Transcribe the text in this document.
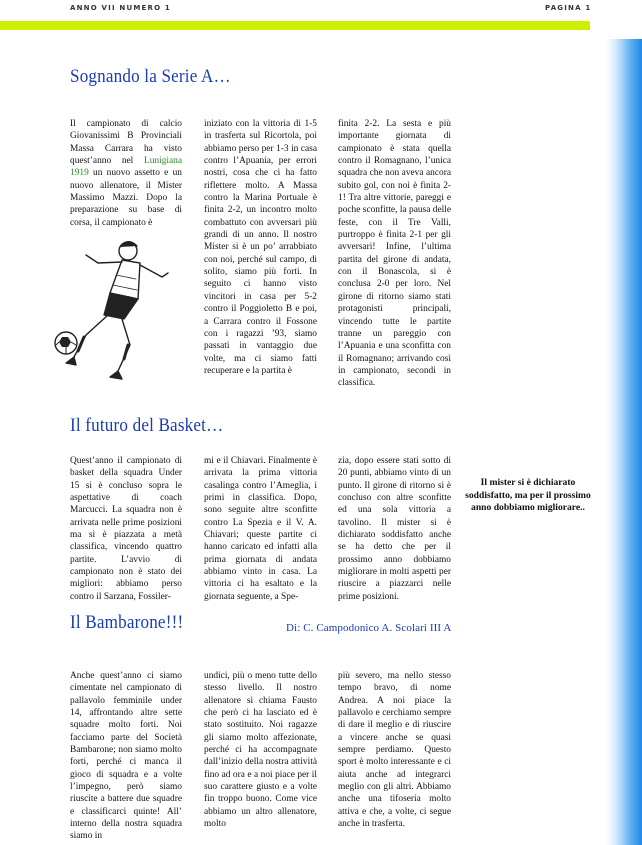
ANNO VII NUMERO 1	PAGINA 1
Sognando la Serie A…
Il campionato di calcio Giovanissimi B Provinciali Massa Carrara ha visto quest’anno nel Lunigiana 1919 un nuovo assetto e un nuovo allenatore, il Mister Massimo Mazzi. Dopo la preparazione su base di corsa, il campionato è
iniziato con la vittoria di 1-5 in trasferta sul Ricortola, poi abbiamo perso per 1-3 in casa contro l’Apuania, per errori nostri, cosa che ci ha fatto riflettere molto. A Massa contro la Marina Portuale è finita 2-2, un incontro molto combattuto con avversari più grandi di un anno. Il nostro Mister si è un po’ arrabbiato con noi, perché sul campo, di solito, siamo più forti. In seguito ci hanno visto vincitori in casa per 5-2 contro il Poggioletto B e poi, a Carrara contro il Fossone con i ragazzi ’93, siamo passati in vantaggio due volte, ma ci siamo fatti recuperare e la partita è
finita 2-2. La sesta e più importante giornata di campionato è stata quella contro il Romagnano, l’unica squadra che non aveva ancora subito gol, con noi è finita 2-1! Tra altre vittorie, pareggi e poche sconfitte, la pausa delle feste, con il Tre Valli, purtroppo è finita 2-1 per gli avversari! Infine, l’ultima partita del girone di andata, con il Bonascola, si è conclusa 2-0 per loro. Nel girone di ritorno siamo stati protagonisti principali, vincendo tutte le partite tranne un pareggio con l’Apuania e una sconfitta con il Romagnano; arrivando così in campionato, secondi in classifica.
Il futuro del Basket…
Quest’anno il campionato di basket della squadra Under 15 si è concluso sopra le aspettative di coach Marcucci. La squadra non è arrivata nelle prime posizioni ma si è piazzata a metà classifica, vincendo quattro partite. L’avvio di campionato non è stato dei migliori: abbiamo perso contro il Sarzana, Fossiler-
mi e il Chiavari. Finalmente è arrivata la prima vittoria casalinga contro l’Ameglia, i primi in classifica. Dopo, sono seguite altre sconfitte contro La Spezia e il V. A. Chiavari; queste partite ci hanno caricato ed infatti alla prima giornata di andata abbiamo vinto in casa. La vittoria ci ha esaltato e la giornata seguente, a Spe-
zia, dopo essere stati sotto di 20 punti, abbiamo vinto di un punto. Il girone di ritorno si è concluso con altre sconfitte ed una sola vittoria a tavolino. Il mister si è dichiarato soddisfatto anche se ha detto che per il prossimo anno dobbiamo migliorare in molti aspetti per riuscire a piazzarci nelle prime posizioni.
Il mister si è dichiarato soddisfatto, ma per il prossimo anno dobbiamo migliorare..
Il Bambarone!!!	Di: C. Campodonico A. Scolari III A
Anche quest’anno ci siamo cimentate nel campionato di pallavolo femminile under 14, affrontando altre sette squadre molto forti. Noi facciamo parte del Società Bambarone; non siamo molto forti, perché ci manca il gioco di squadra e a volte l’impegno, però siamo riuscite a battere due squadre e classificarci quinte! All’ interno della nostra squadra siamo in
undici, più o meno tutte dello stesso livello. Il nostro allenatore si chiama Fausto che però ci ha lasciato ed è stato sostituito. Noi ragazze gli siamo molto affezionate, perché ci ha accompagnate dall’inizio della nostra attività fino ad ora e a noi piace per il suo carattere giusto e a volte fin troppo buono. Come vice abbiamo un altro allenatore, molto
più severo, ma nello stesso tempo bravo, di nome Andrea. A noi piace la pallavolo e cerchiamo sempre di dare il meglio e di riuscire a vincere anche se quasi sempre perdiamo. Questo sport è molto interessante e ci aiuta anche ad integrarci meglio con gli altri. Abbiamo anche una tifoseria molto attiva e che, a volte, ci segue anche in trasferta.
